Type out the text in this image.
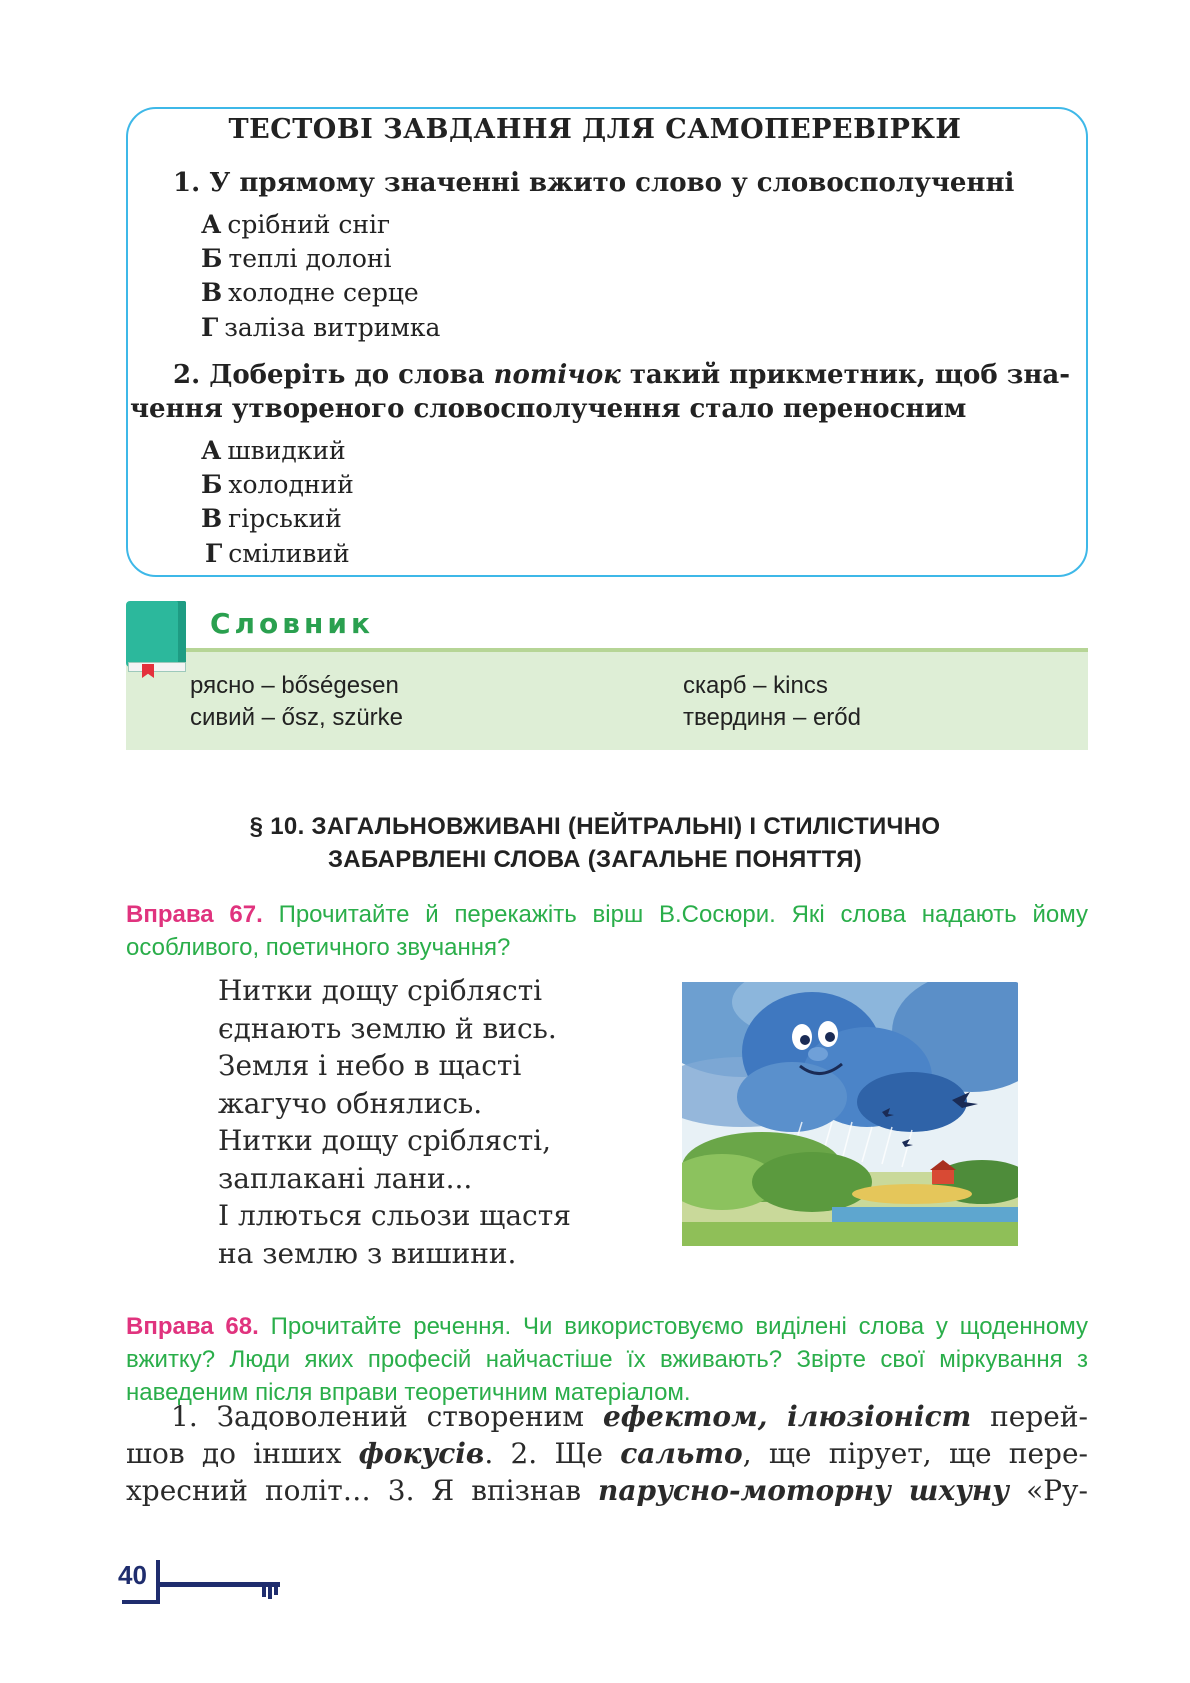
ТЕСТОВІ ЗАВДАННЯ ДЛЯ САМОПЕРЕВІРКИ
1. У прямому значенні вжито слово у словосполученні
А срібний сніг
Б теплі долоні
В холодне серце
Г заліза витримка
2. Доберіть до слова потічок такий прикметник, щоб зна-
чення утвореного словосполучення стало переносним
А швидкий
Б холодний
В гірський
Г сміливий
Словник
рясно – bőségesen
сивий – ősz, szürke
скарб – kincs
твердиня – erőd
§ 10. ЗАГАЛЬНОВЖИВАНІ (НЕЙТРАЛЬНІ) І СТИЛІСТИЧНО
ЗАБАРВЛЕНІ СЛОВА (ЗАГАЛЬНЕ ПОНЯТТЯ)
Вправа 67. Прочитайте й перекажіть вірш В.Сосюри. Які слова надають йому особливого, поетичного звучання?
Нитки дощу сріблясті
єднають землю й вись.
Земля і небо в щасті
жагучо обнялись.
Нитки дощу сріблясті,
заплакані лани...
І ллються сльози щастя
на землю з вишини.
Вправа 68. Прочитайте речення. Чи використовуємо виділені слова у щоденному вжитку? Люди яких професій найчастіше їх вживають? Звірте свої міркування з наведеним після вправи теоретичним матеріалом.
1. Задоволений створеним ефектом, ілюзіоніст перей-
шов до інших фокусів. 2. Ще сальто, ще пірует, ще пере-
хресний політ… 3. Я впізнав парусно-моторну шхуну «Ру-
40
